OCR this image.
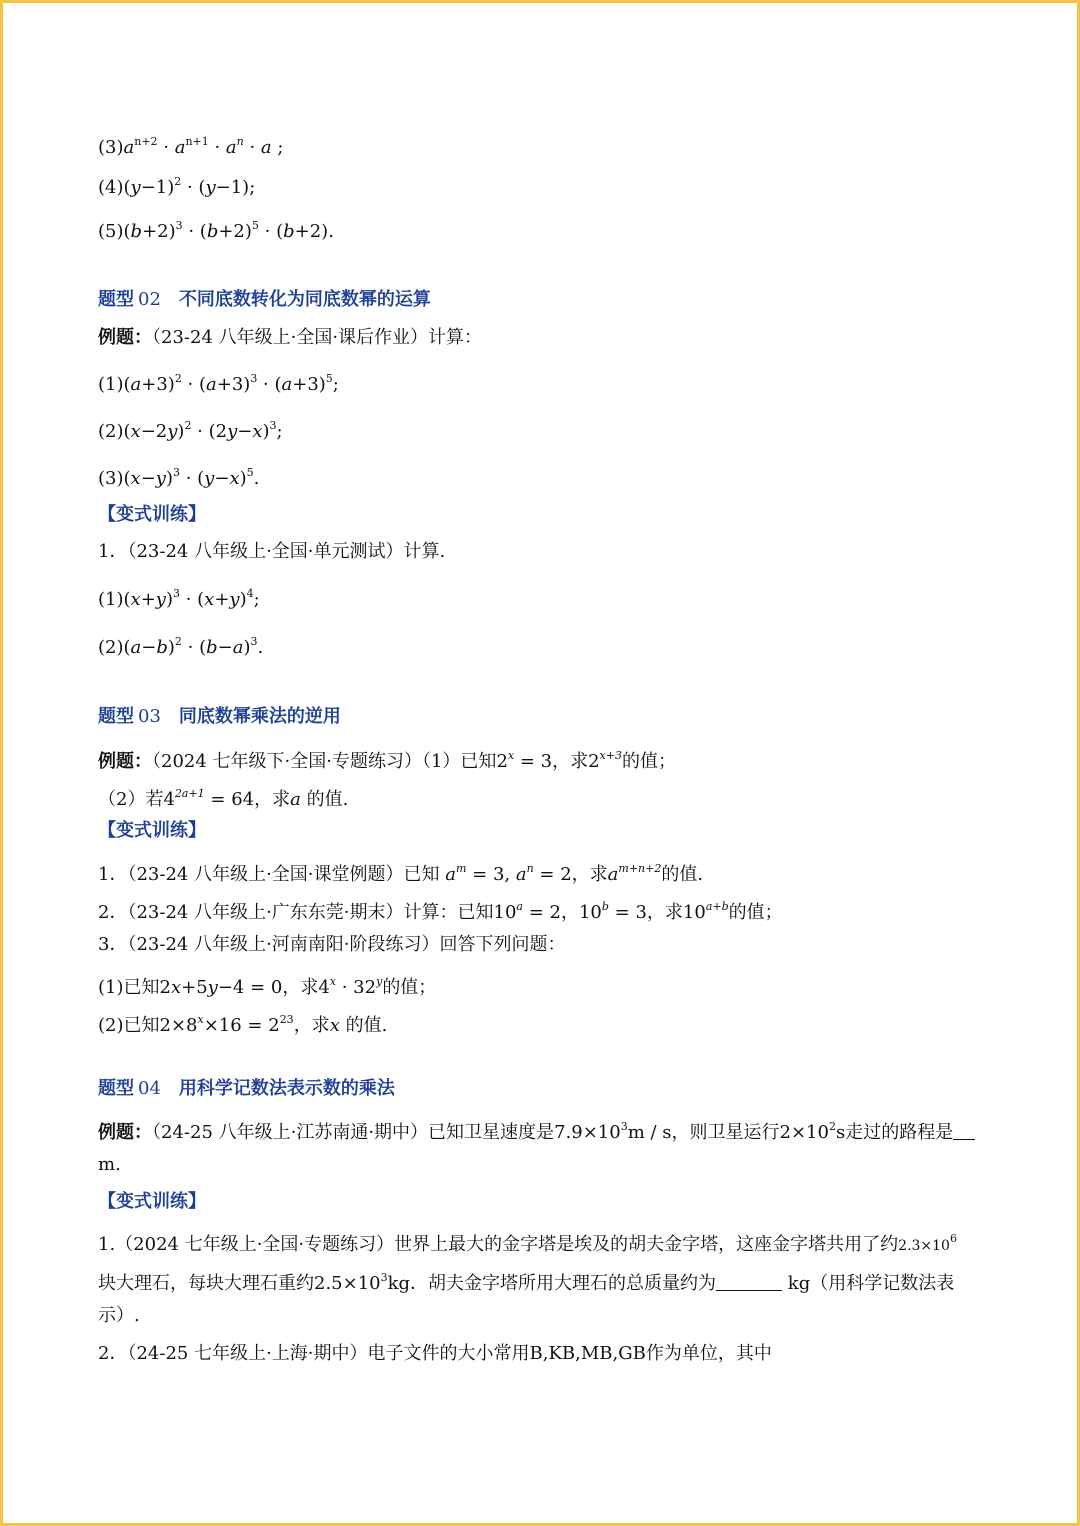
$(3)a^{n+2} \cdot a^{n+1} \cdot a^n \cdot a$ ;
$(4)(y-1)^2 \cdot (y-1)$;
$(5)(b+2)^3 \cdot (b+2)^5 \cdot (b+2)$.
题型 02 不同底数转化为同底数幂的运算
例题：（23-24 八年级上·全国·课后作业）计算：
$(1)(a+3)^2 \cdot (a+3)^3 \cdot (a+3)^5$;
$(2)(x-2y)^2 \cdot (2y-x)^3$;
$(3)(x-y)^3 \cdot (y-x)^5$.
【变式训练】
1．（23-24 八年级上·全国·单元测试）计算.
$(1)(x+y)^3 \cdot (x+y)^4$;
$(2)(a-b)^2 \cdot (b-a)^3$.
题型 03 同底数幂乘法的逆用
例题：（2024 七年级下·全国·专题练习）（1）已知$2^x = 3$，求$2^{x+3}$的值；
（2）若$4^{2a+1} = 64$，求a 的值.
【变式训练】
1．（23-24 八年级上·全国·课堂例题）已知 $a^m = 3$, $a^n = 2$，求$a^{m+n+2}$的值.
2．（23-24 八年级上·广东东莞·期末）计算：已知$10^a = 2$，$10^b = 3$，求$10^{a+b}$的值；
3．（23-24 八年级上·河南南阳·阶段练习）回答下列问题：
(1)已知2x+5y−4 = 0，求$4^x \cdot 32^y$的值；
(2)已知$2\times 8^x\times 16 = 2^{23}$，求x 的值.
题型 04 用科学记数法表示数的乘法
例题：（24-25 八年级上·江苏南通·期中）已知卫星速度是$7.9\times 10^3m / s$，则卫星运行$2\times 10^2s$走过的路程是
m.
【变式训练】
1.（2024 七年级上·全国·专题练习）世界上最大的金字塔是埃及的胡夫金字塔，这座金字塔共用了约$2.3\times 10^6$
块大理石，每块大理石重约$2.5\times 10^3kg$．胡夫金字塔所用大理石的总质量约为	kg（用科学记数法表
示）.
2．（24-25 七年级上·上海·期中）电子文件的大小常用B,KB,MB,GB作为单位，其中
